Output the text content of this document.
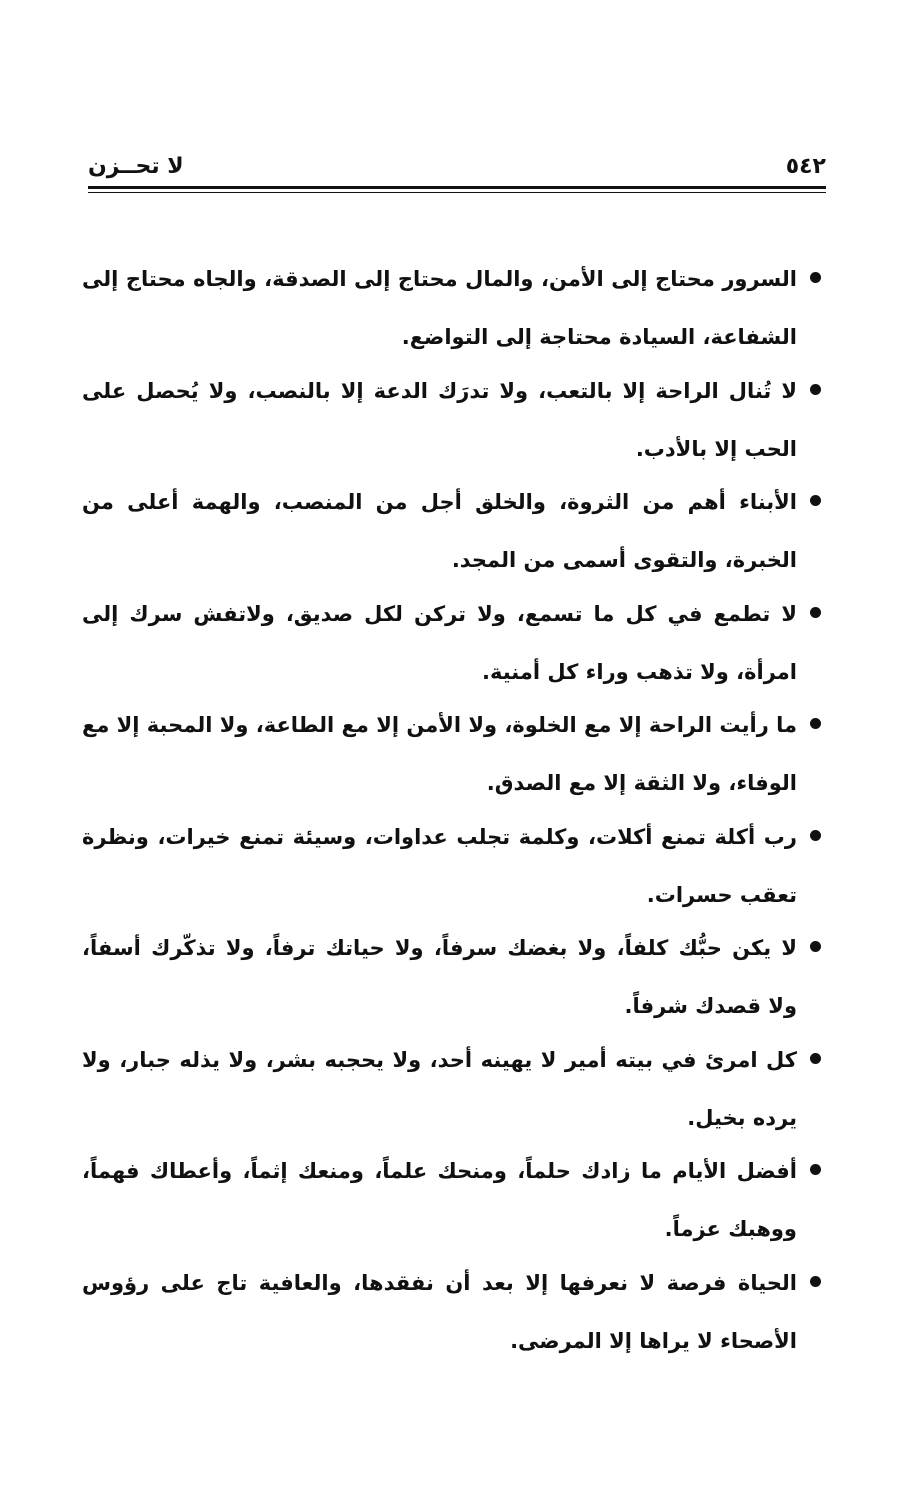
٥٤٢
لا تحــزن
السرور محتاج إلى الأمن، والمال محتاج إلى الصدقة، والجاه محتاج إلى الشفاعة، السيادة محتاجة إلى التواضع.
لا تُنال الراحة إلا بالتعب، ولا تدرَك الدعة إلا بالنصب، ولا يُحصل على الحب إلا بالأدب.
الأبناء أهم من الثروة، والخلق أجل من المنصب، والهمة أعلى من الخبرة، والتقوى أسمى من المجد.
لا تطمع في كل ما تسمع، ولا تركن لكل صديق، ولاتفش سرك إلى امرأة، ولا تذهب وراء كل أمنية.
ما رأيت الراحة إلا مع الخلوة، ولا الأمن إلا مع الطاعة، ولا المحبة إلا مع الوفاء، ولا الثقة إلا مع الصدق.
رب أكلة تمنع أكلات، وكلمة تجلب عداوات، وسيئة تمنع خيرات، ونظرة تعقب حسرات.
لا يكن حبُّك كلفاً، ولا بغضك سرفاً، ولا حياتك ترفاً، ولا تذكّرك أسفاً، ولا قصدك شرفاً.
كل امرئ في بيته أمير لا يهينه أحد، ولا يحجبه بشر، ولا يذله جبار، ولا يرده بخيل.
أفضل الأيام ما زادك حلماً، ومنحك علماً، ومنعك إثماً، وأعطاك فهماً، ووهبك عزماً.
الحياة فرصة لا نعرفها إلا بعد أن نفقدها، والعافية تاج على رؤوس الأصحاء لا يراها إلا المرضى.
